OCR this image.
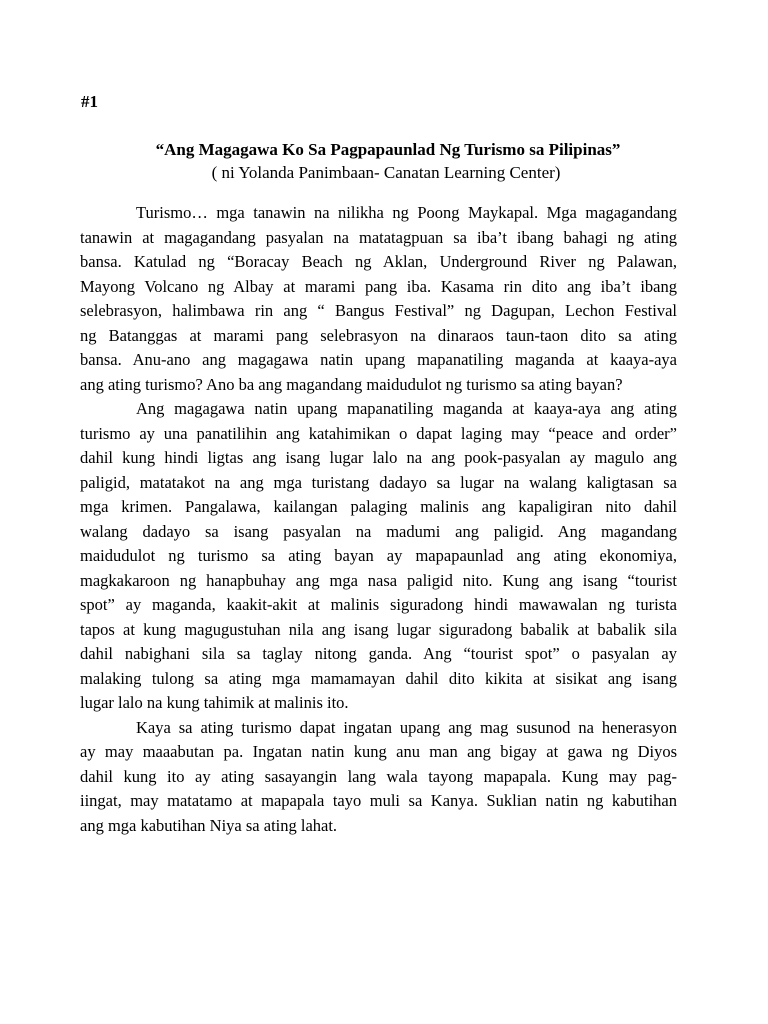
#1
“Ang Magagawa Ko Sa Pagpapaunlad Ng Turismo sa Pilipinas”
( ni Yolanda Panimbaan- Canatan Learning Center)
Turismo… mga tanawin na nilikha ng Poong Maykapal. Mga magagandang
tanawin at magagandang pasyalan na matatagpuan sa iba’t ibang bahagi ng ating
bansa. Katulad ng “Boracay Beach ng Aklan, Underground River ng Palawan,
Mayong Volcano ng Albay at marami pang iba. Kasama rin dito ang iba’t ibang
selebrasyon, halimbawa rin ang “ Bangus Festival” ng Dagupan, Lechon Festival
ng Batanggas at marami pang selebrasyon na dinaraos taun-taon dito sa ating
bansa. Anu-ano ang magagawa natin upang mapanatiling maganda at kaaya-aya
ang ating turismo? Ano ba ang magandang maidudulot ng turismo sa ating bayan?
Ang magagawa natin upang mapanatiling maganda at kaaya-aya ang ating
turismo ay una panatilihin ang katahimikan o dapat laging may “peace and order”
dahil kung hindi ligtas ang isang lugar lalo na ang pook-pasyalan ay magulo ang
paligid, matatakot na ang mga turistang dadayo sa lugar na walang kaligtasan sa
mga krimen. Pangalawa, kailangan palaging malinis ang kapaligiran nito dahil
walang dadayo sa isang pasyalan na madumi ang paligid. Ang magandang
maidudulot ng turismo sa ating bayan ay mapapaunlad ang ating ekonomiya,
magkakaroon ng hanapbuhay ang mga nasa paligid nito. Kung ang isang “tourist
spot” ay maganda, kaakit-akit at malinis siguradong hindi mawawalan ng turista
tapos at kung magugustuhan nila ang isang lugar siguradong babalik at babalik sila
dahil nabighani sila sa taglay nitong ganda. Ang “tourist spot” o pasyalan ay
malaking tulong sa ating mga mamamayan dahil dito kikita at sisikat ang isang
lugar lalo na kung tahimik at malinis ito.
Kaya sa ating turismo dapat ingatan upang ang mag susunod na henerasyon
ay may maaabutan pa. Ingatan natin kung anu man ang bigay at gawa ng Diyos
dahil kung ito ay ating sasayangin lang wala tayong mapapala. Kung may pag-
iingat, may matatamo at mapapala tayo muli sa Kanya. Suklian natin ng kabutihan
ang mga kabutihan Niya sa ating lahat.
